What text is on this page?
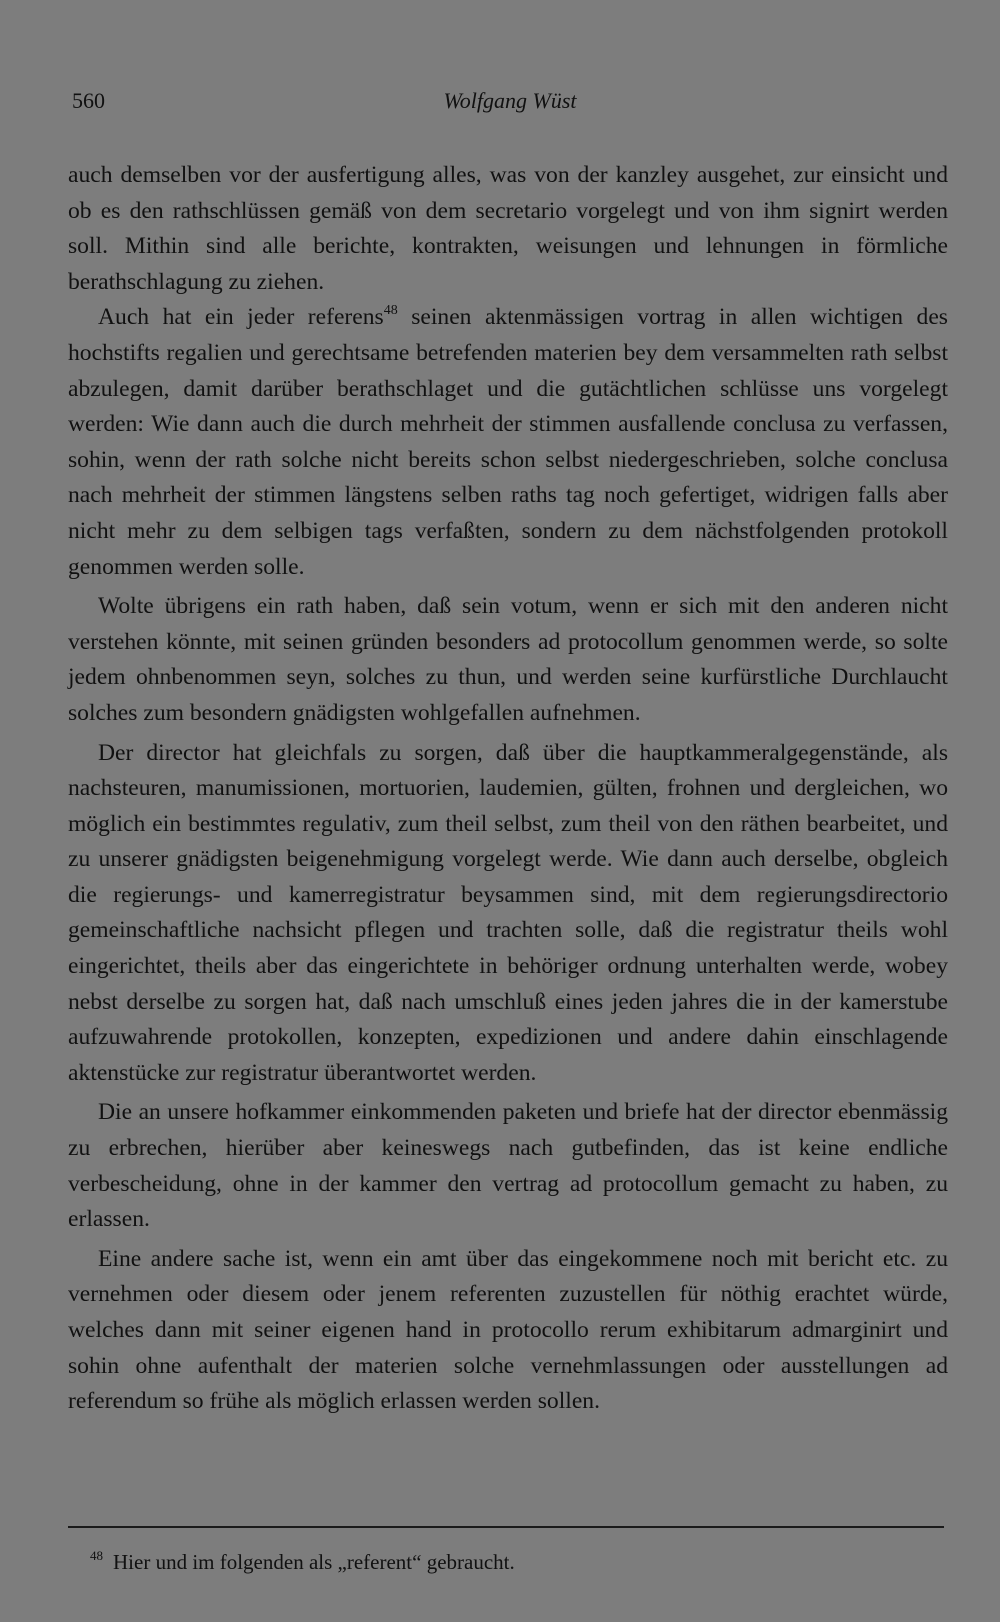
560	Wolfgang Wüst

auch demselben vor der ausfertigung alles, was von der kanzley ausgehet, zur einsicht und ob es den rathschlüssen gemäß von dem secretario vorgelegt und von ihm signirt werden soll. Mithin sind alle berichte, kontrakten, weisungen und lehnungen in förmliche berathschlagung zu ziehen.

Auch hat ein jeder referens$^{48}$ seinen aktenmässigen vortrag in allen wichtigen des hochstifts regalien und gerechtsame betrefenden materien bey dem versammelten rath selbst abzulegen, damit darüber berathschlaget und die gutächtlichen schlüsse uns vorgelegt werden: Wie dann auch die durch mehrheit der stimmen ausfallende conclusa zu verfassen, sohin, wenn der rath solche nicht bereits schon selbst niedergeschrieben, solche conclusa nach mehrheit der stimmen längstens selben raths tag noch gefertiget, widrigen falls aber nicht mehr zu dem selbigen tags verfaßten, sondern zu dem nächstfolgenden protokoll genommen werden solle.

Wolte übrigens ein rath haben, daß sein votum, wenn er sich mit den anderen nicht verstehen könnte, mit seinen gründen besonders ad protocollum genommen werde, so solte jedem ohnbenommen seyn, solches zu thun, und werden seine kurfürstliche Durchlaucht solches zum besondern gnädigsten wohlgefallen aufnehmen.

Der director hat gleichfals zu sorgen, daß über die hauptkammeralgegenstände, als nachsteuren, manumissionen, mortuorien, laudemien, gülten, frohnen und dergleichen, wo möglich ein bestimmtes regulativ, zum theil selbst, zum theil von den räthen bearbeitet, und zu unserer gnädigsten beigenehmigung vorgelegt werde. Wie dann auch derselbe, obgleich die regierungs- und kamerregistratur beysammen sind, mit dem regierungsdirectorio gemeinschaftliche nachsicht pflegen und trachten solle, daß die registratur theils wohl eingerichtet, theils aber das eingerichtete in behöriger ordnung unterhalten werde, wobey nebst derselbe zu sorgen hat, daß nach umschluß eines jeden jahres die in der kamerstube aufzuwahrende protokollen, konzepten, expedizionen und andere dahin einschlagende aktenstücke zur registratur überantwortet werden.

Die an unsere hofkammer einkommenden paketen und briefe hat der director ebenmässig zu erbrechen, hierüber aber keineswegs nach gutbefinden, das ist keine endliche verbescheidung, ohne in der kammer den vertrag ad protocollum gemacht zu haben, zu erlassen.

Eine andere sache ist, wenn ein amt über das eingekommene noch mit bericht etc. zu vernehmen oder diesem oder jenem referenten zuzustellen für nöthig erachtet würde, welches dann mit seiner eigenen hand in protocollo rerum exhibitarum admarginirt und sohin ohne aufenthalt der materien solche vernehmlassungen oder ausstellungen ad referendum so frühe als möglich erlassen werden sollen.

$^{48}$ Hier und im folgenden als „referent“ gebraucht.
